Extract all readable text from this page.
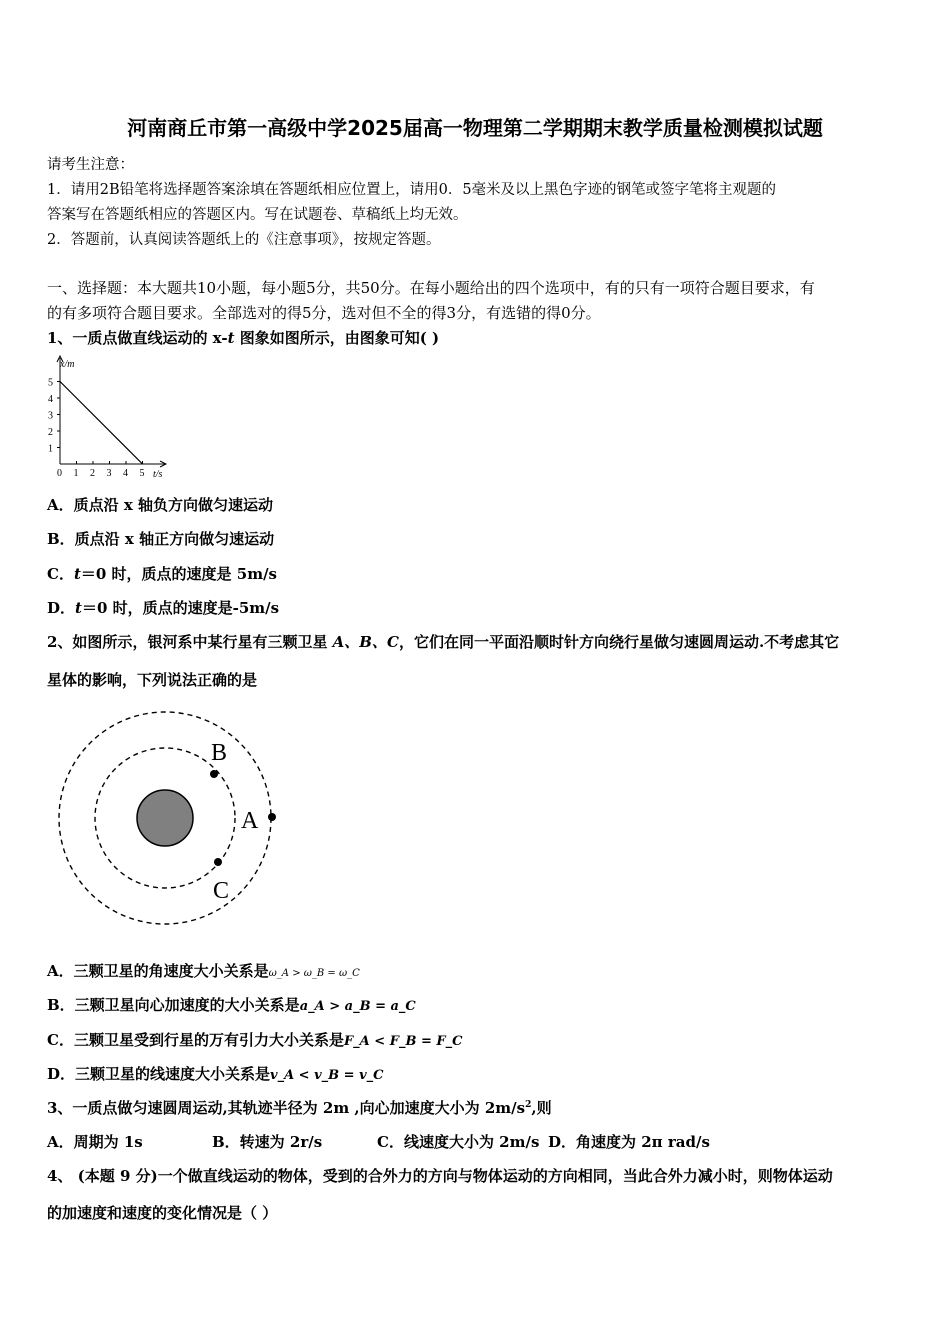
河南商丘市第一高级中学2025届高一物理第二学期期末教学质量检测模拟试题
请考生注意：
1．请用2B铅笔将选择题答案涂填在答题纸相应位置上，请用0．5毫米及以上黑色字迹的钢笔或签字笔将主观题的
答案写在答题纸相应的答题区内。写在试题卷、草稿纸上均无效。
2．答题前，认真阅读答题纸上的《注意事项》，按规定答题。
一、选择题：本大题共10小题，每小题5分，共50分。在每小题给出的四个选项中，有的只有一项符合题目要求，有
的有多项符合题目要求。全部选对的得5分，选对但不全的得3分，有选错的得0分。
1、一质点做直线运动的 x-t 图象如图所示，由图象可知( )
x/m
t/s
1
2
3
4
5
0 1 2 3 4 5
A．质点沿 x 轴负方向做匀速运动
B．质点沿 x 轴正方向做匀速运动
C．t＝0 时，质点的速度是 5m/s
D．t＝0 时，质点的速度是-5m/s
2、如图所示，银河系中某行星有三颗卫星 A、B、C，它们在同一平面沿顺时针方向绕行星做匀速圆周运动.不考虑其它
星体的影响，下列说法正确的是
A
B
C
A．三颗卫星的角速度大小关系是ω_A > ω_B = ω_C
B．三颗卫星向心加速度的大小关系是a_A > a_B = a_C
C．三颗卫星受到行星的万有引力大小关系是F_A < F_B = F_C
D．三颗卫星的线速度大小关系是v_A < v_B = v_C
3、一质点做匀速圆周运动,其轨迹半径为 2m ,向心加速度大小为 $2m/s^2$,则
A．周期为 1s	B．转速为 2r/s	C．线速度大小为 2m/s D．角速度为 2π rad/s
4、 (本题 9 分)一个做直线运动的物体，受到的合外力的方向与物体运动的方向相同，当此合外力减小时，则物体运动
的加速度和速度的变化情况是（ ）
